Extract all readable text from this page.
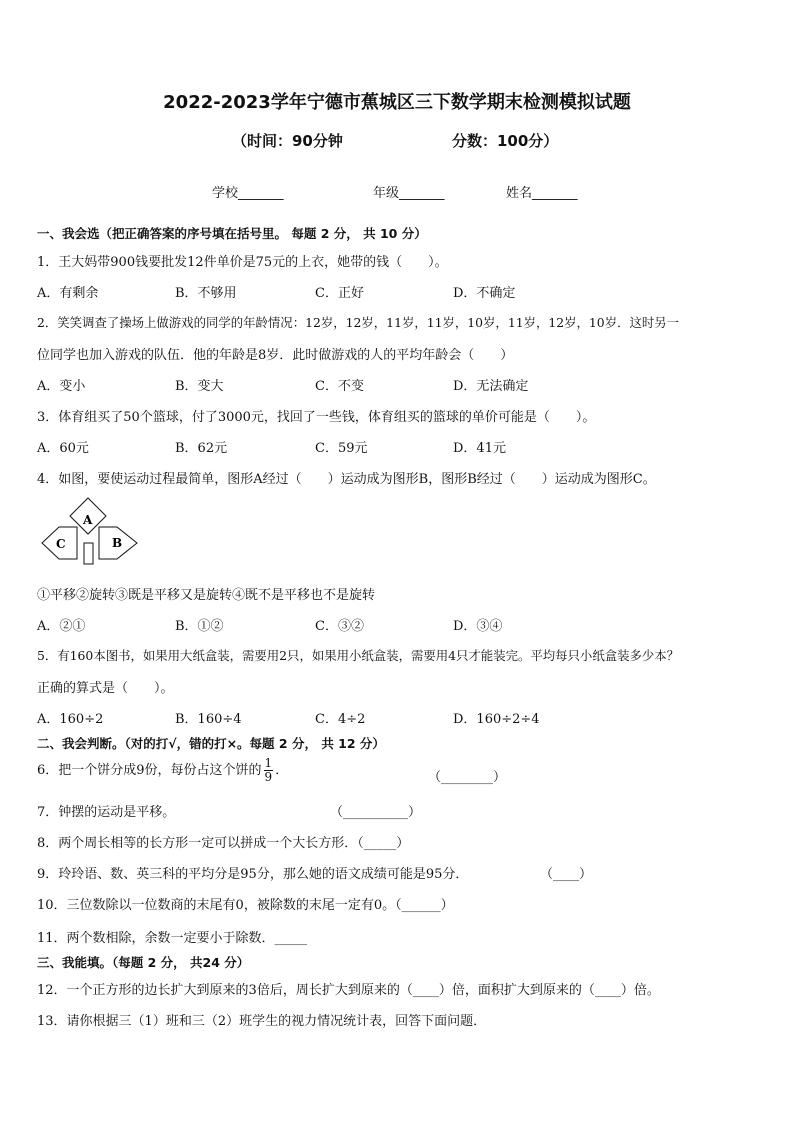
2022-2023学年宁德市蕉城区三下数学期末检测模拟试题
（时间：90分钟	分数：100分）
学校_______	年级_______	姓名_______
一、我会选（把正确答案的序号填在括号里。 每题 2 分， 共 10 分）
1．王大妈带900钱要批发12件单价是75元的上衣，她带的钱（　　）。
A．有剩余	B．不够用	C．正好	D．不确定
2．笑笑调查了操场上做游戏的同学的年龄情况：12岁，12岁，11岁，11岁，10岁，11岁，12岁，10岁．这时另一
位同学也加入游戏的队伍．他的年龄是8岁．此时做游戏的人的平均年龄会（　　）
A．变小	B．变大	C．不变	D．无法确定
3．体育组买了50个篮球，付了3000元，找回了一些钱，体育组买的篮球的单价可能是（　　）。
A．60元	B．62元	C．59元	D．41元
4．如图，要使运动过程最简单，图形A经过（　　）运动成为图形B，图形B经过（　　）运动成为图形C。
A
B
C
①平移②旋转③既是平移又是旋转④既不是平移也不是旋转
A．②①	B．①②	C．③②	D．③④
5．有160本图书，如果用大纸盒装，需要用2只，如果用小纸盒装，需要用4只才能装完。平均每只小纸盒装多少本？
正确的算式是（　　）。
A．160÷2	B．160÷4	C．4÷2	D．160÷2÷4
二、我会判断。（对的打√，错的打×。每题 2 分， 共 12 分）
6．把一个饼分成9份，每份占这个饼的 $\frac{1}{9}$ ．	（________）
7．钟摆的运动是平移。	（__________）
8．两个周长相等的长方形一定可以拼成一个大长方形．（_____）
9．玲玲语、数、英三科的平均分是95分，那么她的语文成绩可能是95分．	（____）
10．三位数除以一位数商的末尾有0，被除数的末尾一定有0。（______）
11．两个数相除，余数一定要小于除数．_____
三、我能填。（每题 2 分， 共24 分）
12．一个正方形的边长扩大到原来的3倍后，周长扩大到原来的（____）倍，面积扩大到原来的（____）倍。
13．请你根据三（1）班和三（2）班学生的视力情况统计表，回答下面问题．
